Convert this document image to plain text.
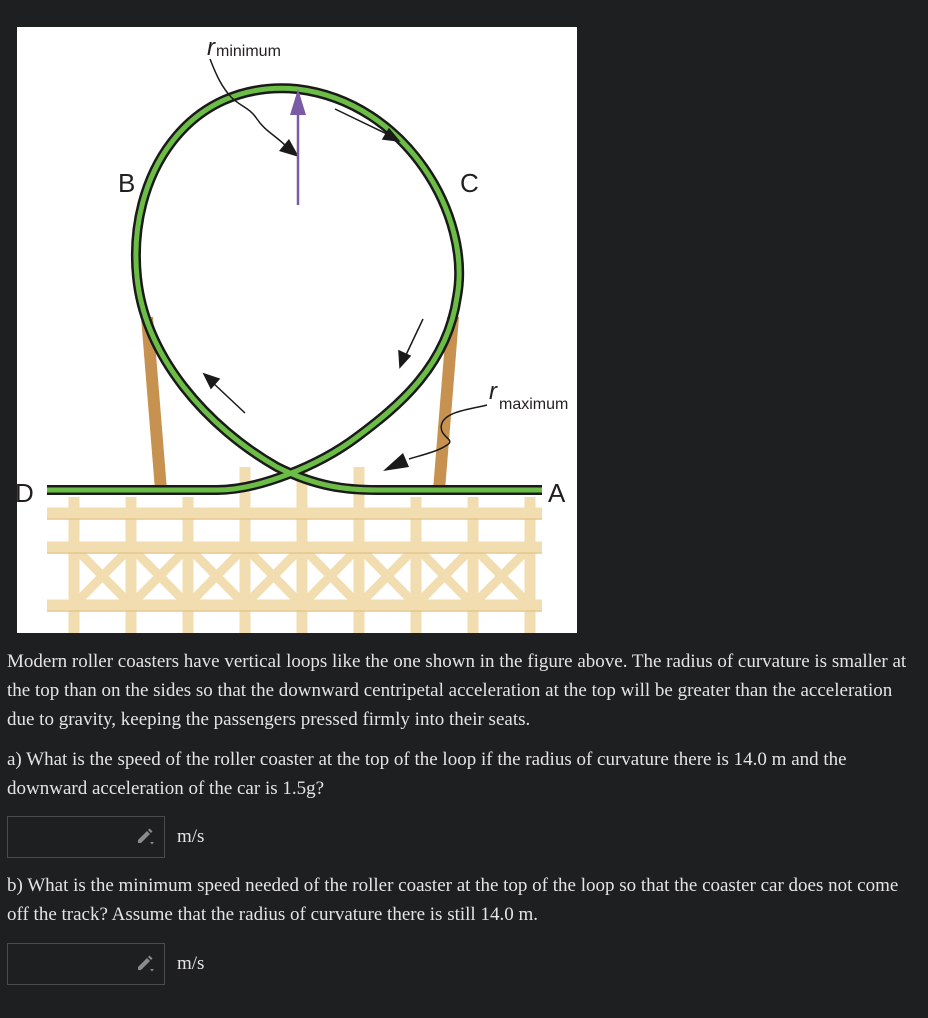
r minimum
B	C
r maximum
D	A

Modern roller coasters have vertical loops like the one shown in the figure above. The radius of curvature is smaller at the top than on the sides so that the downward centripetal acceleration at the top will be greater than the acceleration due to gravity, keeping the passengers pressed firmly into their seats.

a) What is the speed of the roller coaster at the top of the loop if the radius of curvature there is 14.0 m and the downward acceleration of the car is 1.5g?

m/s

b) What is the minimum speed needed of the roller coaster at the top of the loop so that the coaster car does not come off the track? Assume that the radius of curvature there is still 14.0 m.

m/s
